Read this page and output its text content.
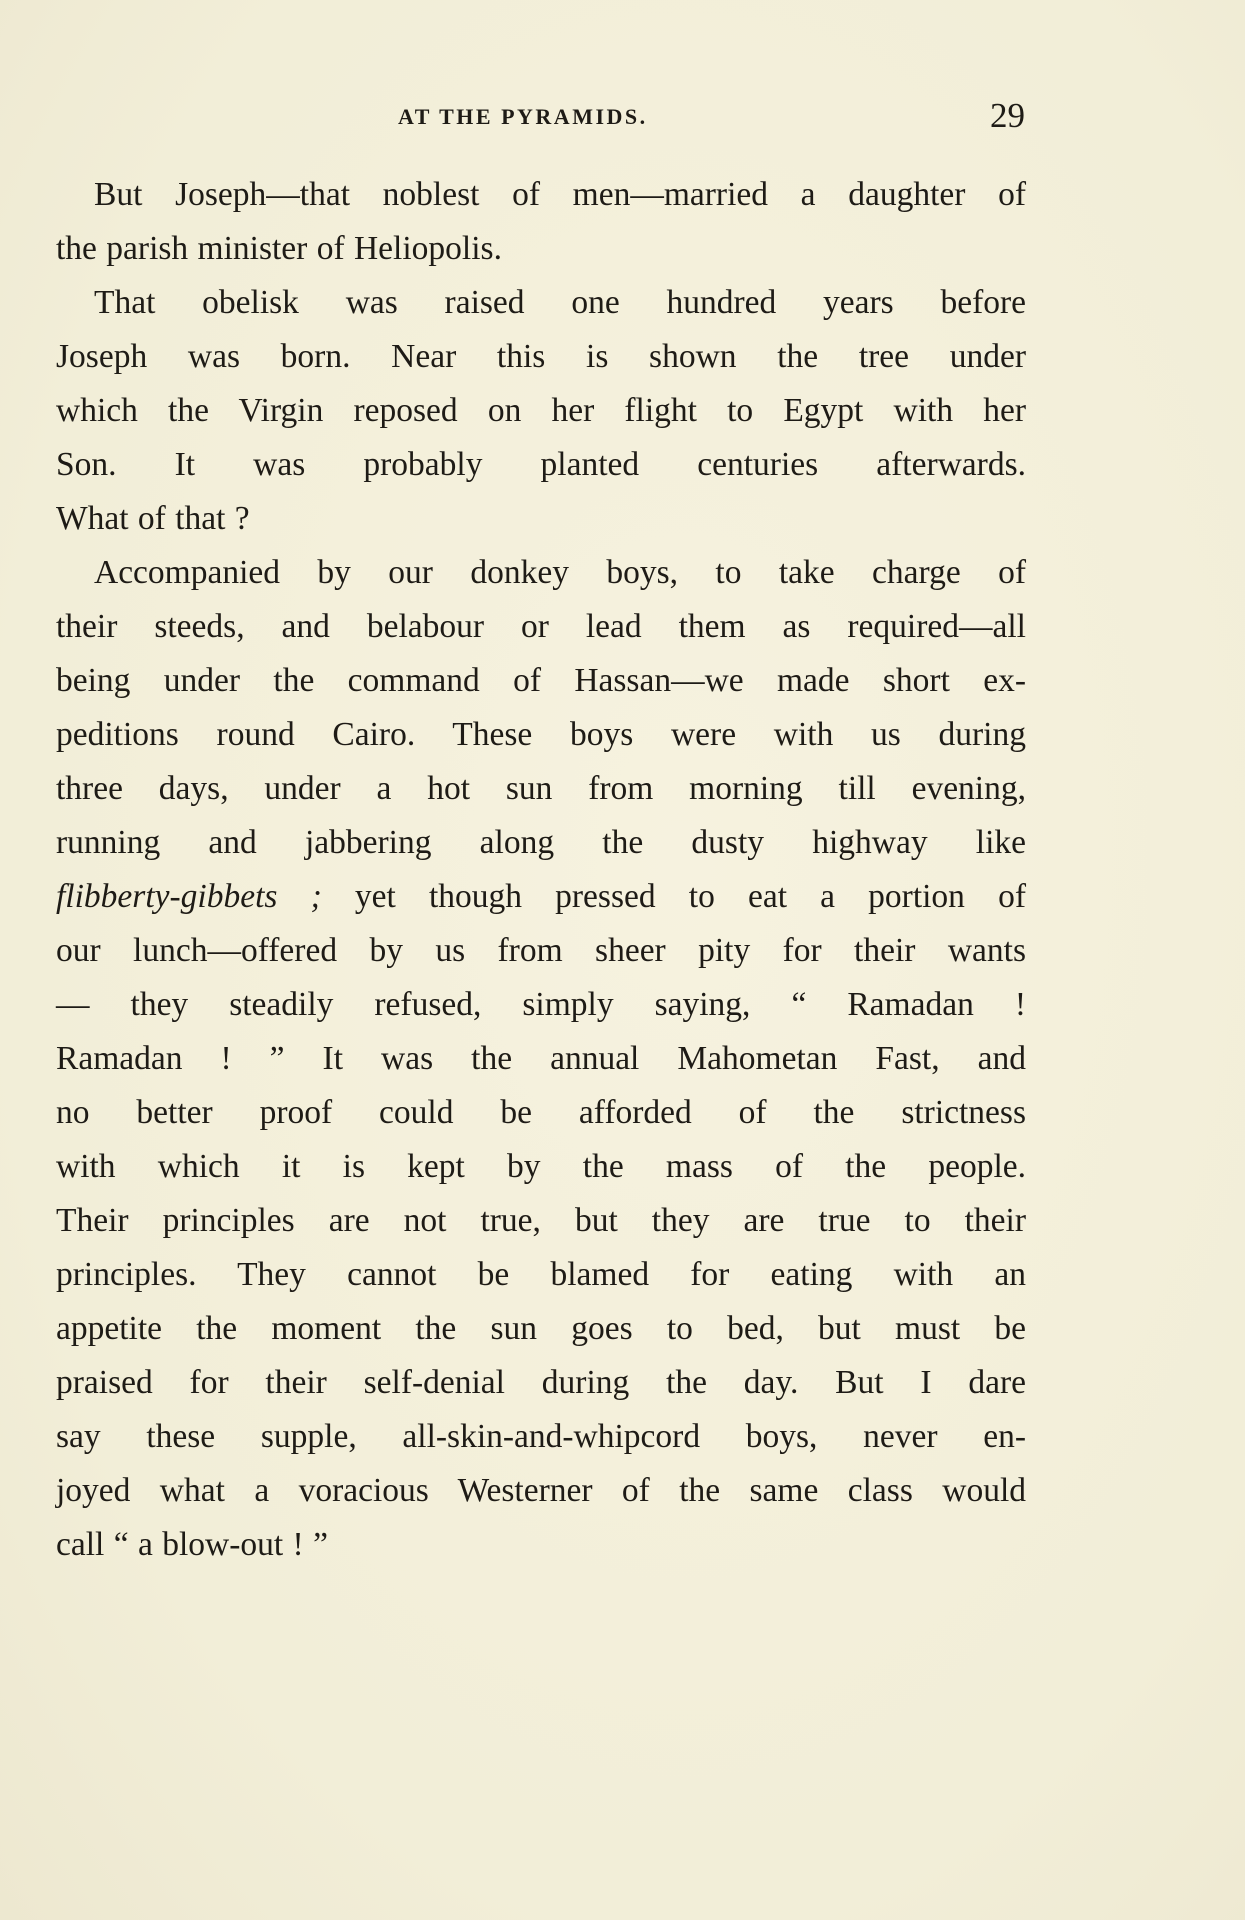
AT THE PYRAMIDS.	29
But Joseph—that noblest of men—married a daughter of
the parish minister of Heliopolis.
That obelisk was raised one hundred years before
Joseph was born. Near this is shown the tree under
which the Virgin reposed on her flight to Egypt with her
Son. It was probably planted centuries afterwards.
What of that ?
Accompanied by our donkey boys, to take charge of
their steeds, and belabour or lead them as required—all
being under the command of Hassan—we made short ex-
peditions round Cairo. These boys were with us during
three days, under a hot sun from morning till evening,
running and jabbering along the dusty highway like
flibberty-gibbets ; yet though pressed to eat a portion of
our lunch—offered by us from sheer pity for their wants
— they steadily refused, simply saying, “ Ramadan !
Ramadan ! ” It was the annual Mahometan Fast, and
no better proof could be afforded of the strictness
with which it is kept by the mass of the people.
Their principles are not true, but they are true to their
principles. They cannot be blamed for eating with an
appetite the moment the sun goes to bed, but must be
praised for their self-denial during the day. But I dare
say these supple, all-skin-and-whipcord boys, never en-
joyed what a voracious Westerner of the same class would
call “ a blow-out ! ”
